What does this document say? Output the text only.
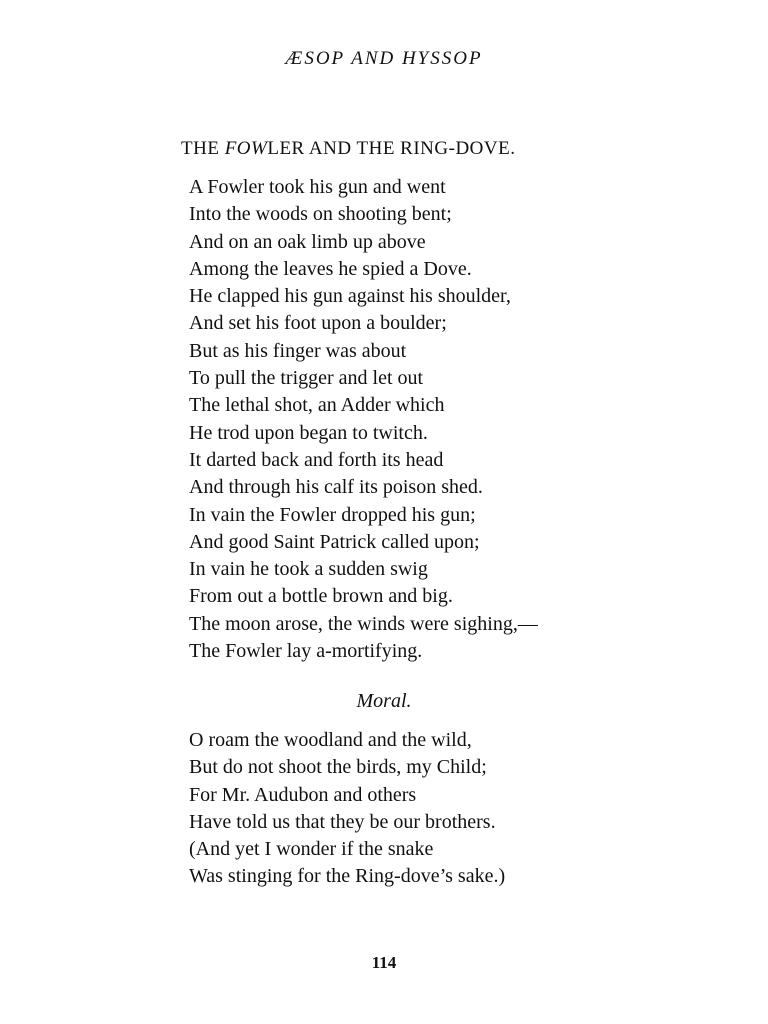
ÆSOP AND HYSSOP
THE FOWLER AND THE RING-DOVE.
A Fowler took his gun and went
Into the woods on shooting bent;
And on an oak limb up above
Among the leaves he spied a Dove.
He clapped his gun against his shoulder,
And set his foot upon a boulder;
But as his finger was about
To pull the trigger and let out
The lethal shot, an Adder which
He trod upon began to twitch.
It darted back and forth its head
And through his calf its poison shed.
In vain the Fowler dropped his gun;
And good Saint Patrick called upon;
In vain he took a sudden swig
From out a bottle brown and big.
The moon arose, the winds were sighing,—
The Fowler lay a-mortifying.
Moral.
O roam the woodland and the wild,
But do not shoot the birds, my Child;
For Mr. Audubon and others
Have told us that they be our brothers.
(And yet I wonder if the snake
Was stinging for the Ring-dove’s sake.)
114
